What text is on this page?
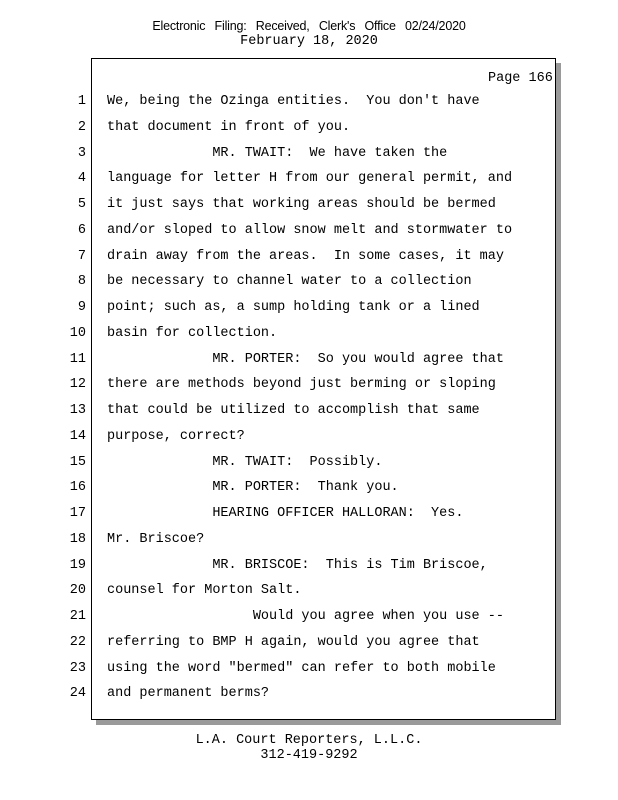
Electronic Filing: Received, Clerk's Office 02/24/2020
February 18, 2020
Page 166
1 We, being the Ozinga entities.  You don't have
2 that document in front of you.
3 MR. TWAIT:  We have taken the
4 language for letter H from our general permit, and
5 it just says that working areas should be bermed
6 and/or sloped to allow snow melt and stormwater to
7 drain away from the areas.  In some cases, it may
8 be necessary to channel water to a collection
9 point; such as, a sump holding tank or a lined
10 basin for collection.
11 MR. PORTER:  So you would agree that
12 there are methods beyond just berming or sloping
13 that could be utilized to accomplish that same
14 purpose, correct?
15 MR. TWAIT:  Possibly.
16 MR. PORTER:  Thank you.
17 HEARING OFFICER HALLORAN:  Yes.
18 Mr. Briscoe?
19 MR. BRISCOE:  This is Tim Briscoe,
20 counsel for Morton Salt.
21 Would you agree when you use --
22 referring to BMP H again, would you agree that
23 using the word "bermed" can refer to both mobile
24 and permanent berms?
L.A. Court Reporters, L.L.C.
312-419-9292
